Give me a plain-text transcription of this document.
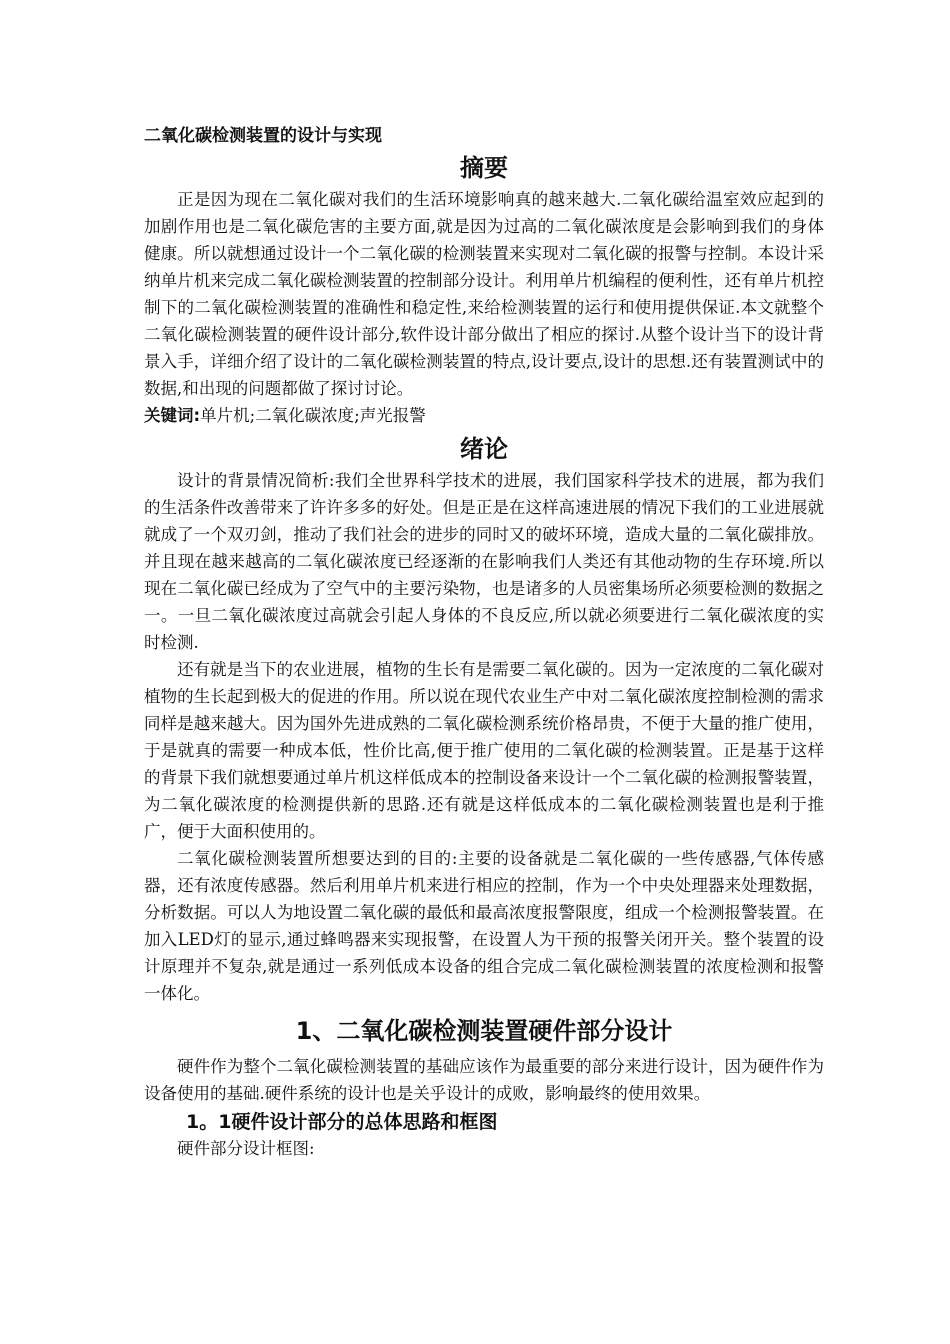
二氧化碳检测装置的设计与实现

摘要

正是因为现在二氧化碳对我们的生活环境影响真的越来越大.二氧化碳给温室效应起到的加剧作用也是二氧化碳危害的主要方面,就是因为过高的二氧化碳浓度是会影响到我们的身体健康。所以就想通过设计一个二氧化碳的检测装置来实现对二氧化碳的报警与控制。本设计采纳单片机来完成二氧化碳检测装置的控制部分设计。利用单片机编程的便利性，还有单片机控制下的二氧化碳检测装置的准确性和稳定性,来给检测装置的运行和使用提供保证.本文就整个二氧化碳检测装置的硬件设计部分,软件设计部分做出了相应的探讨.从整个设计当下的设计背景入手，详细介绍了设计的二氧化碳检测装置的特点,设计要点,设计的思想.还有装置测试中的数据,和出现的问题都做了探讨讨论。

关键词:单片机;二氧化碳浓度;声光报警

绪论

设计的背景情况简析:我们全世界科学技术的进展，我们国家科学技术的进展，都为我们的生活条件改善带来了许许多多的好处。但是正是在这样高速进展的情况下我们的工业进展就就成了一个双刃剑，推动了我们社会的进步的同时又的破坏环境，造成大量的二氧化碳排放。并且现在越来越高的二氧化碳浓度已经逐渐的在影响我们人类还有其他动物的生存环境.所以现在二氧化碳已经成为了空气中的主要污染物，也是诸多的人员密集场所必须要检测的数据之一。一旦二氧化碳浓度过高就会引起人身体的不良反应,所以就必须要进行二氧化碳浓度的实时检测.

还有就是当下的农业进展，植物的生长有是需要二氧化碳的。因为一定浓度的二氧化碳对植物的生长起到极大的促进的作用。所以说在现代农业生产中对二氧化碳浓度控制检测的需求同样是越来越大。因为国外先进成熟的二氧化碳检测系统价格昂贵，不便于大量的推广使用，于是就真的需要一种成本低，性价比高,便于推广使用的二氧化碳的检测装置。正是基于这样的背景下我们就想要通过单片机这样低成本的控制设备来设计一个二氧化碳的检测报警装置，为二氧化碳浓度的检测提供新的思路.还有就是这样低成本的二氧化碳检测装置也是利于推广，便于大面积使用的。

二氧化碳检测装置所想要达到的目的:主要的设备就是二氧化碳的一些传感器,气体传感器，还有浓度传感器。然后利用单片机来进行相应的控制，作为一个中央处理器来处理数据，分析数据。可以人为地设置二氧化碳的最低和最高浓度报警限度，组成一个检测报警装置。在加入LED灯的显示,通过蜂鸣器来实现报警，在设置人为干预的报警关闭开关。整个装置的设计原理并不复杂,就是通过一系列低成本设备的组合完成二氧化碳检测装置的浓度检测和报警一体化。

1、二氧化碳检测装置硬件部分设计

硬件作为整个二氧化碳检测装置的基础应该作为最重要的部分来进行设计，因为硬件作为设备使用的基础.硬件系统的设计也是关乎设计的成败，影响最终的使用效果。

1。1硬件设计部分的总体思路和框图

硬件部分设计框图:
